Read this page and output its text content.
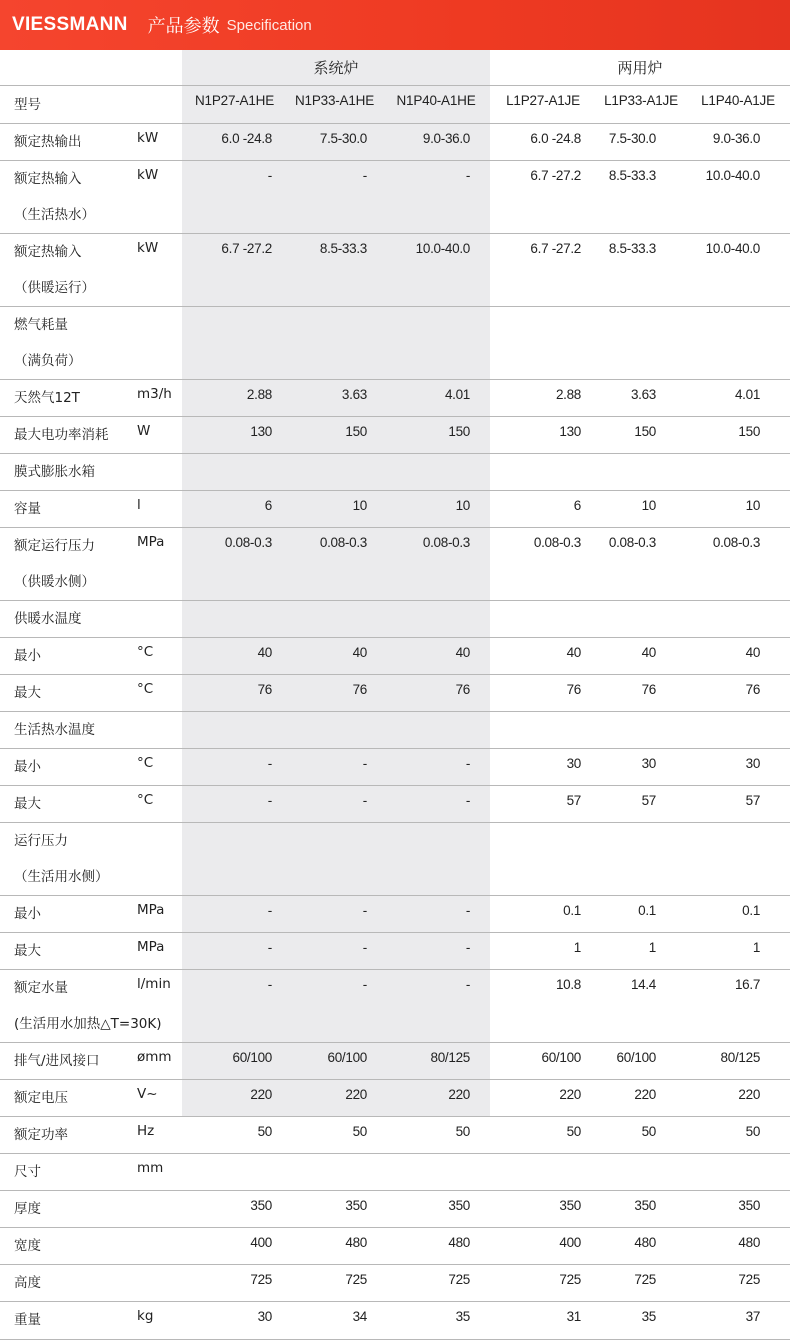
VIESSMANN 产品参数 Specification
		系统炉			两用炉		
型号		N1P27-A1HE	N1P33-A1HE	N1P40-A1HE	L1P27-A1JE	L1P33-A1JE	L1P40-A1JE
额定热输出	kW	6.0 -24.8	7.5-30.0	9.0-36.0	6.0 -24.8	7.5-30.0	9.0-36.0
额定热输入	kW	-	-	-	6.7 -27.2	8.5-33.3	10.0-40.0
（生活热水）							
额定热输入	kW	6.7 -27.2	8.5-33.3	10.0-40.0	6.7 -27.2	8.5-33.3	10.0-40.0
（供暖运行）							
燃气耗量							
（满负荷）							
天然气12T	m3/h	2.88	3.63	4.01	2.88	3.63	4.01
最大电功率消耗	W	130	150	150	130	150	150
膜式膨胀水箱							
容量	l	6	10	10	6	10	10
额定运行压力	MPa	0.08-0.3	0.08-0.3	0.08-0.3	0.08-0.3	0.08-0.3	0.08-0.3
（供暖水侧）							
供暖水温度							
最小	°C	40	40	40	40	40	40
最大	°C	76	76	76	76	76	76
生活热水温度							
最小	°C	-	-	-	30	30	30
最大	°C	-	-	-	57	57	57
运行压力							
（生活用水侧）							
最小	MPa	-	-	-	0.1	0.1	0.1
最大	MPa	-	-	-	1	1	1
额定水量	l/min	-	-	-	10.8	14.4	16.7
(生活用水加热△T=30K)							
排气/进风接口	ømm	60/100	60/100	80/125	60/100	60/100	80/125
额定电压	V~	220	220	220	220	220	220
额定功率	Hz	50	50	50	50	50	50
尺寸	mm						
厚度		350	350	350	350	350	350
宽度		400	480	480	400	480	480
高度		725	725	725	725	725	725
重量	kg	30	34	35	31	35	37
